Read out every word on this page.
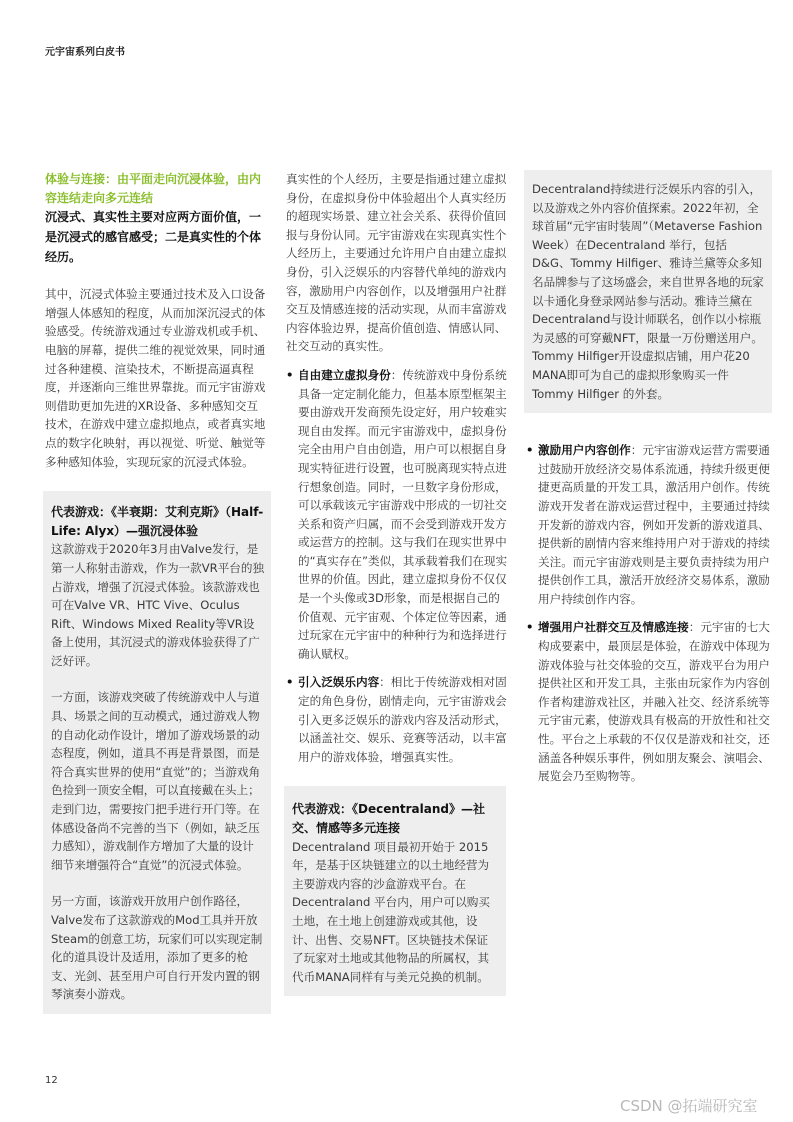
元宇宙系列白皮书

体验与连接：由平面走向沉浸体验，由内容连结走向多元连结

沉浸式、真实性主要对应两方面价值，一是沉浸式的感官感受；二是真实性的个体经历。

其中，沉浸式体验主要通过技术及入口设备增强人体感知的程度，从而加深沉浸式的体验感受。传统游戏通过专业游戏机或手机、电脑的屏幕，提供二维的视觉效果，同时通过各种建模、渲染技术，不断提高逼真程度，并逐渐向三维世界靠拢。而元宇宙游戏则借助更加先进的XR设备、多种感知交互技术，在游戏中建立虚拟地点，或者真实地点的数字化映射，再以视觉、听觉、触觉等多种感知体验，实现玩家的沉浸式体验。

代表游戏：《半衰期：艾利克斯》（Half-Life: Alyx）—强沉浸体验

这款游戏于2020年3月由Valve发行，是第一人称射击游戏，作为一款VR平台的独占游戏，增强了沉浸式体验。该款游戏也可在Valve VR、HTC Vive、Oculus Rift、Windows Mixed Reality等VR设备上使用，其沉浸式的游戏体验获得了广泛好评。

一方面，该游戏突破了传统游戏中人与道具、场景之间的互动模式，通过游戏人物的自动化动作设计，增加了游戏场景的动态程度，例如，道具不再是背景图，而是符合真实世界的使用“直觉”的；当游戏角色捡到一顶安全帽，可以直接戴在头上；走到门边，需要按门把手进行开门等。在体感设备尚不完善的当下（例如，缺乏压力感知），游戏制作方增加了大量的设计细节来增强符合“直觉”的沉浸式体验。

另一方面，该游戏开放用户创作路径，Valve发布了这款游戏的Mod工具并开放Steam的创意工坊，玩家们可以实现定制化的道具设计及适用，添加了更多的枪支、光剑、甚至用户可自行开发内置的钢琴演奏小游戏。

真实性的个人经历，主要是指通过建立虚拟身份，在虚拟身份中体验超出个人真实经历的超现实场景、建立社会关系、获得价值回报与身份认同。元宇宙游戏在实现真实性个人经历上，主要通过允许用户自由建立虚拟身份，引入泛娱乐的内容替代单纯的游戏内容，激励用户内容创作，以及增强用户社群交互及情感连接的活动实现，从而丰富游戏内容体验边界，提高价值创造、情感认同、社交互动的真实性。

• 自由建立虚拟身份：传统游戏中身份系统具备一定定制化能力，但基本原型框架主要由游戏开发商预先设定好，用户较难实现自由发挥。而元宇宙游戏中，虚拟身份完全由用户自由创造，用户可以根据自身现实特征进行设置，也可脱离现实特点进行想象创造。同时，一旦数字身份形成，可以承载该元宇宙游戏中形成的一切社交关系和资产归属，而不会受到游戏开发方或运营方的控制。这与我们在现实世界中的“真实存在”类似，其承载着我们在现实世界的价值。因此，建立虚拟身份不仅仅是一个头像或3D形象，而是根据自己的价值观、元宇宙观、个体定位等因素，通过玩家在元宇宙中的种种行为和选择进行确认赋权。
• 引入泛娱乐内容：相比于传统游戏相对固定的角色身份，剧情走向，元宇宙游戏会引入更多泛娱乐的游戏内容及活动形式，以涵盖社交、娱乐、竞赛等活动，以丰富用户的游戏体验，增强真实性。

代表游戏：《Decentraland》—社交、情感等多元连接

Decentraland 项目最初开始于 2015年，是基于区块链建立的以土地经营为主要游戏内容的沙盒游戏平台。在Decentraland 平台内，用户可以购买土地，在土地上创建游戏或其他，设计、出售、交易NFT。区块链技术保证了玩家对土地或其他物品的所属权，其代币MANA同样有与美元兑换的机制。

Decentraland持续进行泛娱乐内容的引入，以及游戏之外内容价值探索。2022年初，全球首届“元宇宙时装周”（Metaverse Fashion Week）在Decentraland 举行，包括D&G、Tommy Hilfiger、雅诗兰黛等众多知名品牌参与了这场盛会，来自世界各地的玩家以卡通化身登录网站参与活动。雅诗兰黛在 Decentraland与设计师联名，创作以小棕瓶为灵感的可穿戴NFT，限量一万份赠送用户。Tommy Hilfiger开设虚拟店铺，用户花20 MANA即可为自己的虚拟形象购买一件 Tommy Hilfiger 的外套。

• 激励用户内容创作：元宇宙游戏运营方需要通过鼓励开放经济交易体系流通，持续升级更便捷更高质量的开发工具，激活用户创作。传统游戏开发者在游戏运营过程中，主要通过持续开发新的游戏内容，例如开发新的游戏道具、提供新的剧情内容来维持用户对于游戏的持续关注。而元宇宙游戏则是主要负责持续为用户提供创作工具，激活开放经济交易体系，激励用户持续创作内容。
• 增强用户社群交互及情感连接：元宇宙的七大构成要素中，最顶层是体验，在游戏中体现为游戏体验与社交体验的交互，游戏平台为用户提供社区和开发工具，主张由玩家作为内容创作者构建游戏社区，并融入社交、经济系统等元宇宙元素，使游戏具有极高的开放性和社交性。平台之上承载的不仅仅是游戏和社交，还涵盖各种娱乐事件，例如朋友聚会、演唱会、展览会乃至购物等。
12
CSDN @拓端研究室
